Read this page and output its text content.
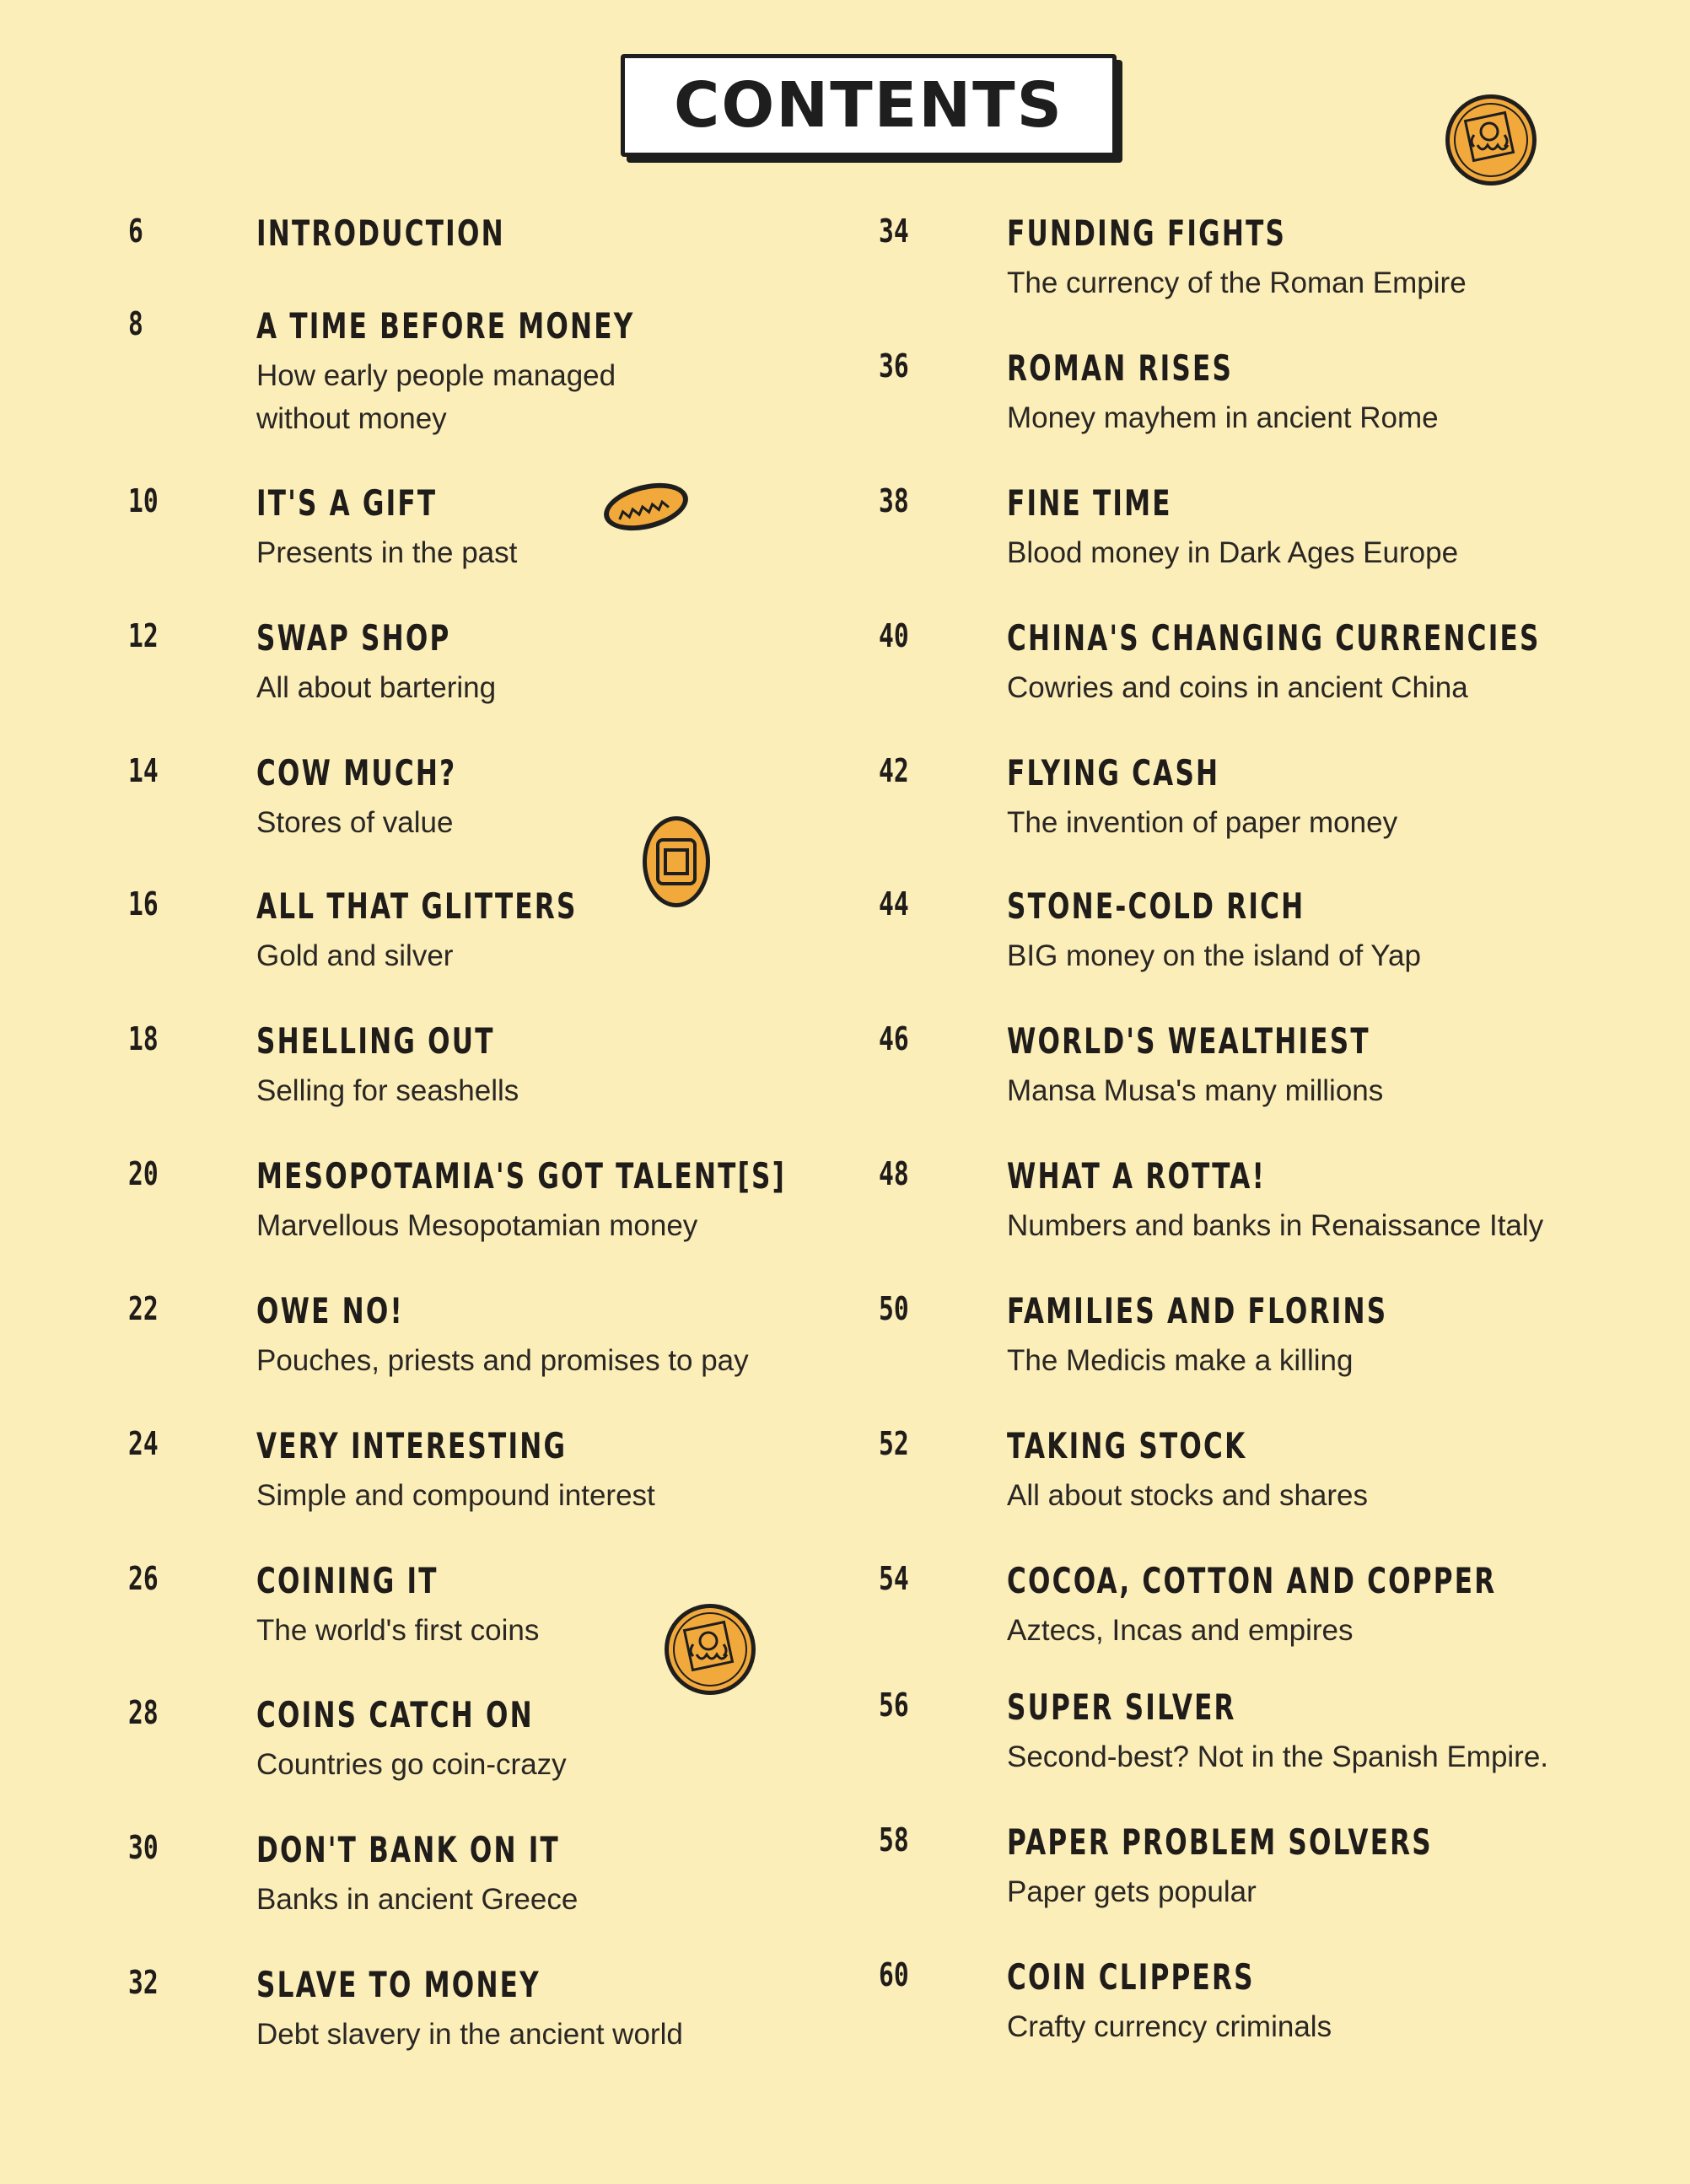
CONTENTS
6	INTRODUCTION
8	A TIME BEFORE MONEY
How early people managed without money
10	IT'S A GIFT
Presents in the past
12	SWAP SHOP
All about bartering
14	COW MUCH?
Stores of value
16	ALL THAT GLITTERS
Gold and silver
18	SHELLING OUT
Selling for seashells
20	MESOPOTAMIA'S GOT TALENT[S]
Marvellous Mesopotamian money
22	OWE NO!
Pouches, priests and promises to pay
24	VERY INTERESTING
Simple and compound interest
26	COINING IT
The world's first coins
28	COINS CATCH ON
Countries go coin-crazy
30	DON'T BANK ON IT
Banks in ancient Greece
32	SLAVE TO MONEY
Debt slavery in the ancient world
34	FUNDING FIGHTS
The currency of the Roman Empire
36	ROMAN RISES
Money mayhem in ancient Rome
38	FINE TIME
Blood money in Dark Ages Europe
40	CHINA'S CHANGING CURRENCIES
Cowries and coins in ancient China
42	FLYING CASH
The invention of paper money
44	STONE-COLD RICH
BIG money on the island of Yap
46	WORLD'S WEALTHIEST
Mansa Musa's many millions
48	WHAT A ROTTA!
Numbers and banks in Renaissance Italy
50	FAMILIES AND FLORINS
The Medicis make a killing
52	TAKING STOCK
All about stocks and shares
54	COCOA, COTTON AND COPPER
Aztecs, Incas and empires
56	SUPER SILVER
Second-best? Not in the Spanish Empire.
58	PAPER PROBLEM SOLVERS
Paper gets popular
60	COIN CLIPPERS
Crafty currency criminals
